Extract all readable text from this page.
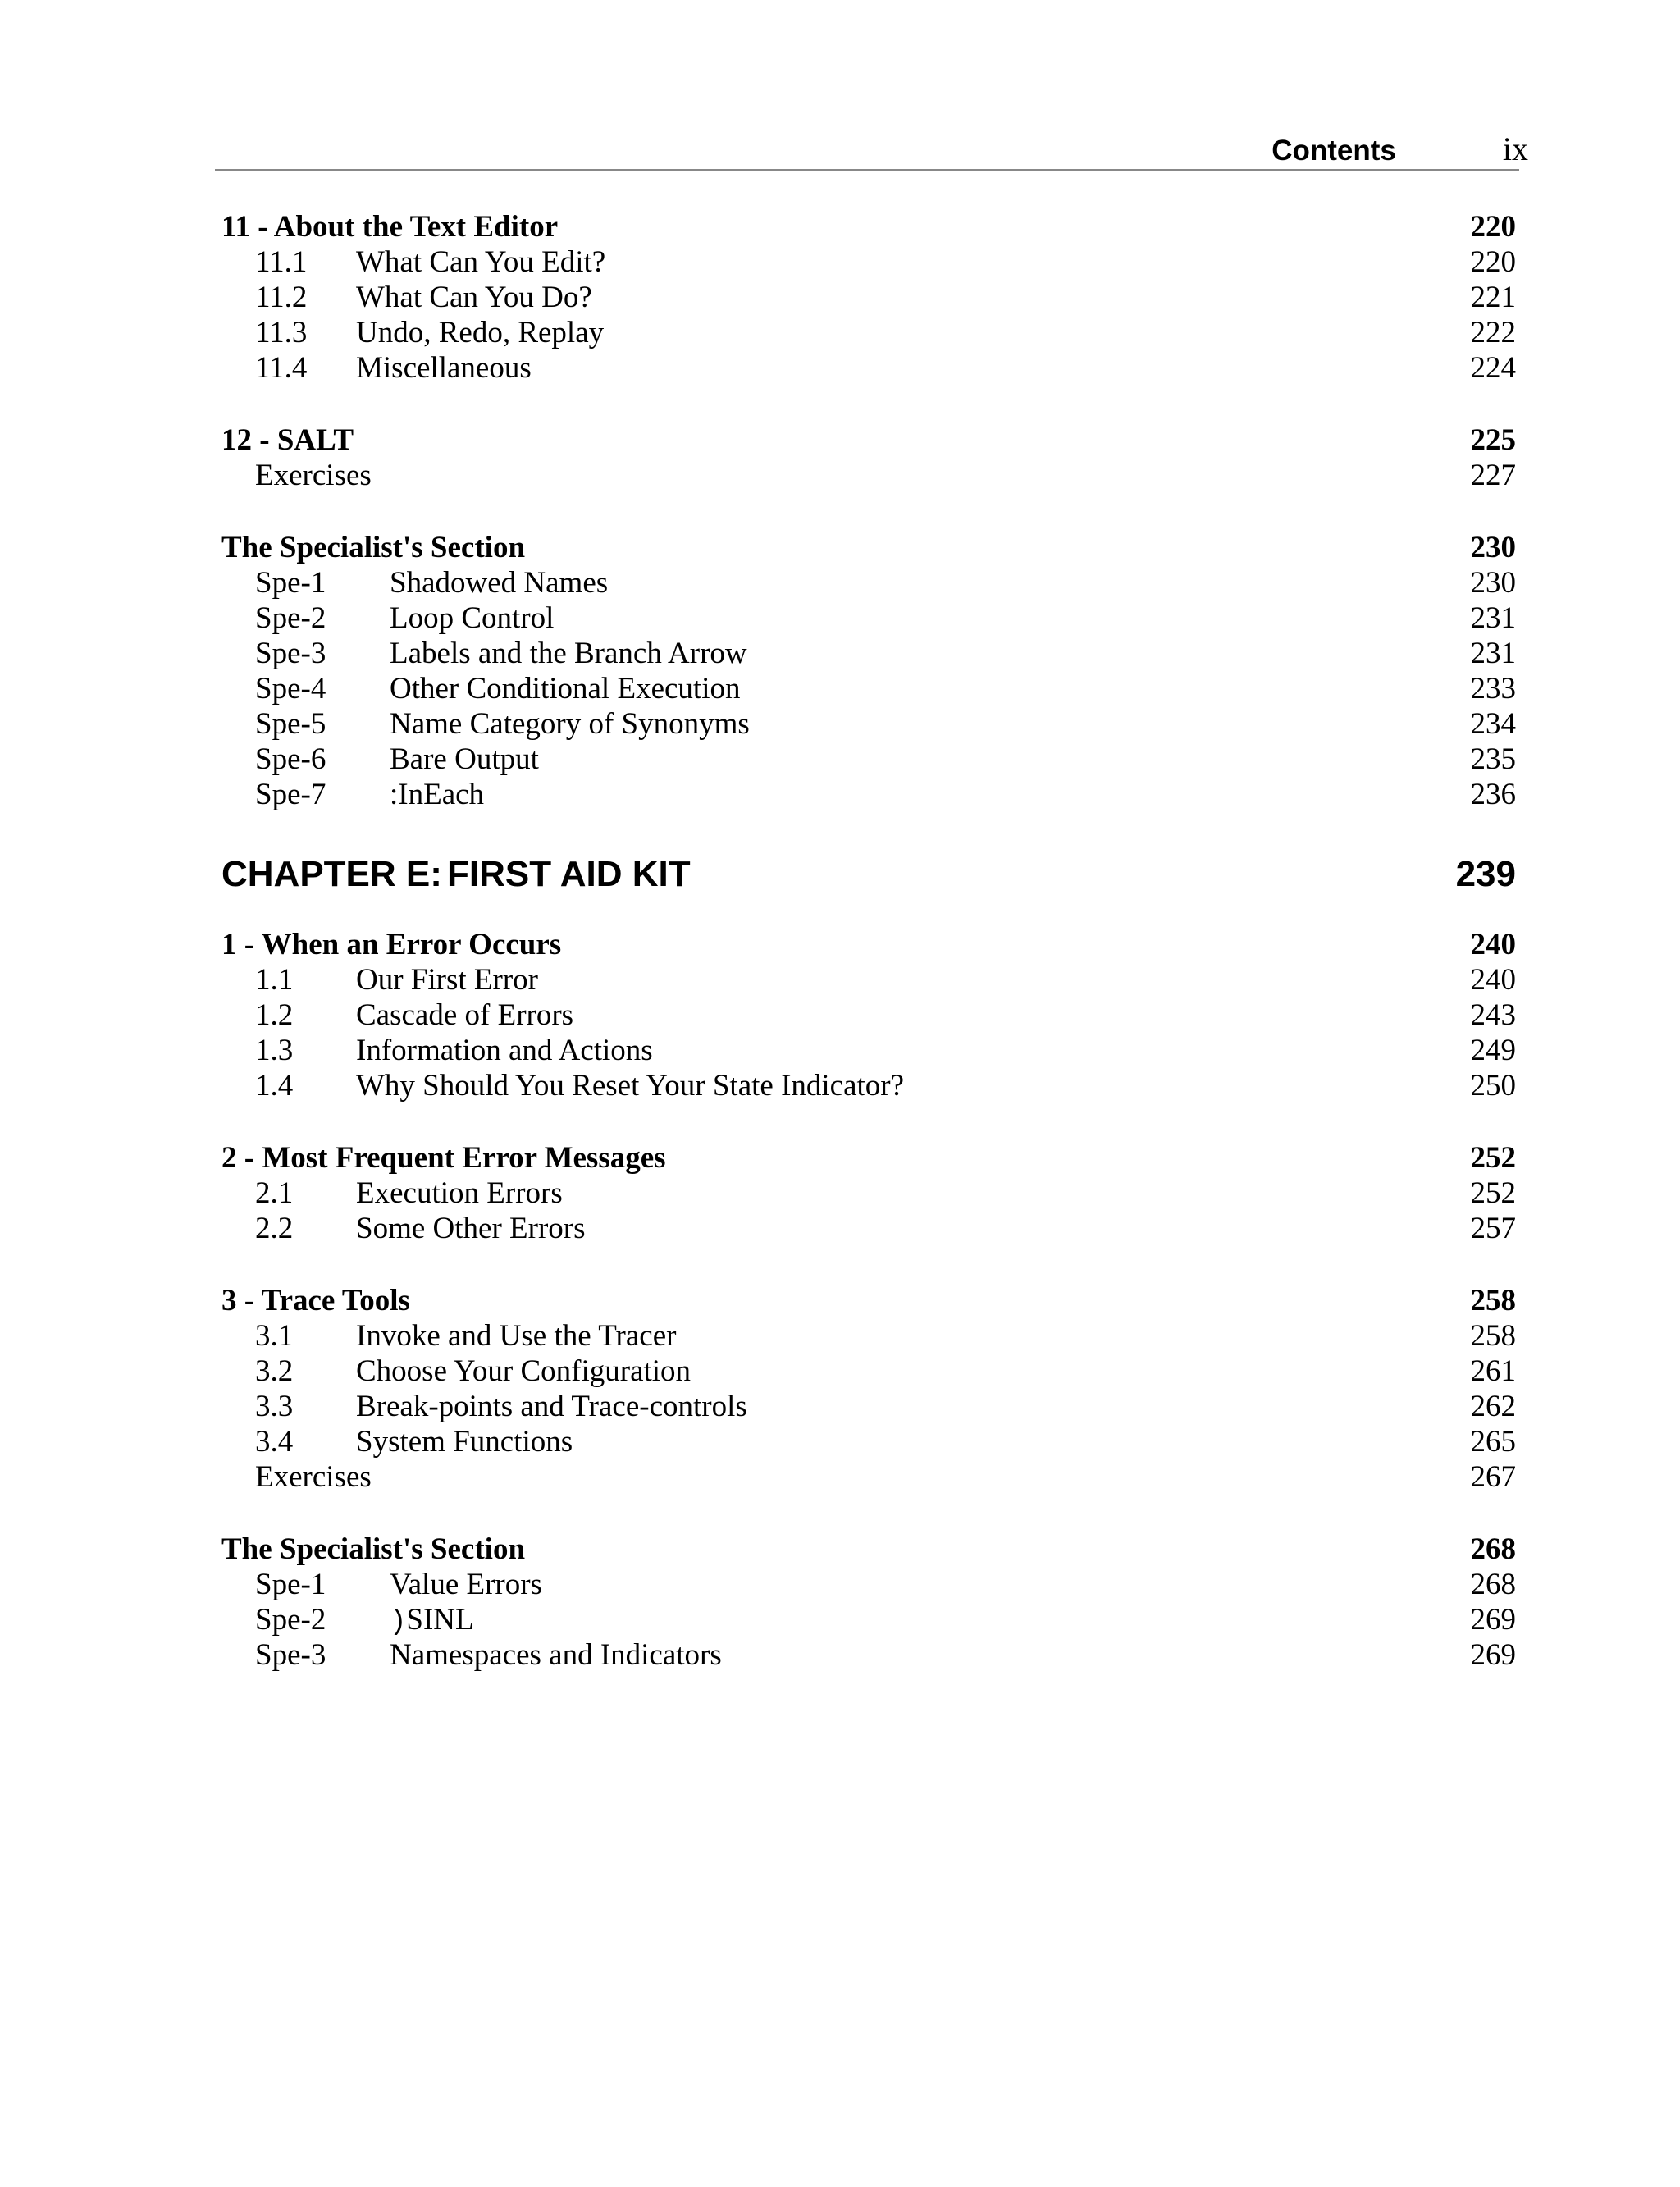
Contents	ix
11 - About the Text Editor	220
11.1 What Can You Edit?	220
11.2 What Can You Do?	221
11.3 Undo, Redo, Replay	222
11.4 Miscellaneous	224
12 - SALT	225
Exercises	227
The Specialist's Section	230
Spe-1 Shadowed Names	230
Spe-2 Loop Control	231
Spe-3 Labels and the Branch Arrow	231
Spe-4 Other Conditional Execution	233
Spe-5 Name Category of Synonyms	234
Spe-6 Bare Output	235
Spe-7 :InEach	236
CHAPTER E: FIRST AID KIT	239
1 - When an Error Occurs	240
1.1 Our First Error	240
1.2 Cascade of Errors	243
1.3 Information and Actions	249
1.4 Why Should You Reset Your State Indicator?	250
2 - Most Frequent Error Messages	252
2.1 Execution Errors	252
2.2 Some Other Errors	257
3 - Trace Tools	258
3.1 Invoke and Use the Tracer	258
3.2 Choose Your Configuration	261
3.3 Break-points and Trace-controls	262
3.4 System Functions	265
Exercises	267
The Specialist's Section	268
Spe-1 Value Errors	268
Spe-2 )SINL	269
Spe-3 Namespaces and Indicators	269
